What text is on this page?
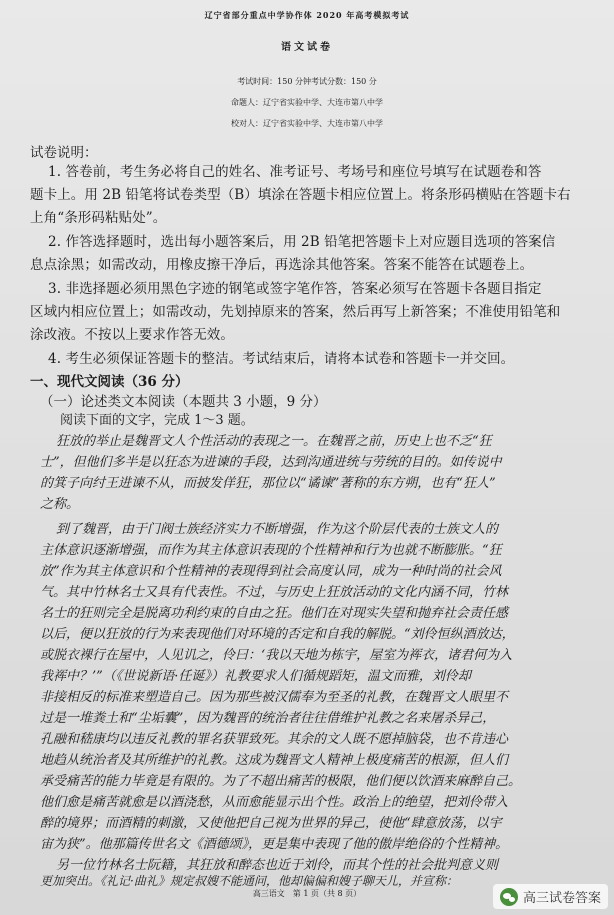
辽宁省部分重点中学协作体 2020 年高考模拟考试
语文试卷
考试时间：150 分钟考试分数：150 分
命题人：辽宁省实验中学、大连市第八中学
校对人：辽宁省实验中学、大连市第八中学
试卷说明：
1. 答卷前，考生务必将自己的姓名、准考证号、考场号和座位号填写在试题卷和答
题卡上。用 2B 铅笔将试卷类型（B）填涂在答题卡相应位置上。将条形码横贴在答题卡右
上角“条形码粘贴处”。
2. 作答选择题时，选出每小题答案后，用 2B 铅笔把答题卡上对应题目选项的答案信
息点涂黑；如需改动，用橡皮擦干净后，再选涂其他答案。答案不能答在试题卷上。
3. 非选择题必须用黑色字迹的钢笔或签字笔作答，答案必须写在答题卡各题目指定
区域内相应位置上；如需改动，先划掉原来的答案，然后再写上新答案；不准使用铅笔和
涂改液。不按以上要求作答无效。
4. 考生必须保证答题卡的整洁。考试结束后，请将本试卷和答题卡一并交回。
一、现代文阅读（36 分）
（一）论述类文本阅读（本题共 3 小题，9 分）
阅读下面的文字，完成 1～3 题。
狂放的举止是魏晋文人个性活动的表现之一。在魏晋之前，历史上也不乏“狂
士”，但他们多半是以狂态为进谏的手段，达到沟通进统与劳统的目的。如传说中
的箕子向纣王进谏不从，而披发佯狂，那位以“谲谏”著称的东方朔，也有“狂人”
之称。
到了魏晋，由于门阀士族经济实力不断增强，作为这个阶层代表的士族文人的
主体意识逐渐增强，而作为其主体意识表现的个性精神和行为也就不断膨胀。“狂
放”作为其主体意识和个性精神的表现得到社会高度认同，成为一种时尚的社会风
气。其中竹林名士又具有代表性。不过，与历史上狂放活动的文化内涵不同，竹林
名士的狂则完全是脱离功利约束的自由之狂。他们在对现实失望和抛弃社会责任感
以后，便以狂放的行为来表现他们对环境的否定和自我的解脱。“刘伶恒纵酒放达，
或脱衣裸行在屋中，人见讥之，伶曰：‘我以天地为栋宇，屋室为裈衣，诸君何为入
我裈中？’”（《世说新语·任诞》）礼教要求人们循规蹈矩，温文而雅，刘伶却
非接相反的标准来塑造自己。因为那些被汉儒奉为至圣的礼教，在魏晋文人眼里不
过是一堆粪土和“尘垢囊”，因为魏晋的统治者往往借维护礼教之名来屠杀异己，
孔融和嵇康均以违反礼教的罪名获罪致死。其余的文人既不愿掉脑袋，也不肯违心
地趋从统治者及其所维护的礼教。这成为魏晋文人精神上极度痛苦的根源，但人们
承受痛苦的能力毕竟是有限的。为了不超出痛苦的极限，他们便以饮酒来麻醉自己。
他们愈是痛苦就愈是以酒浇愁，从而愈能显示出个性。政治上的绝望，把刘伶带入
醉的境界；而酒精的刺激，又使他把自己视为世界的异己，使他“肆意放荡，以宇
宙为狭”。他那篇传世名文《酒德颂》，更是集中表现了他的傲岸绝俗的个性精神。
另一位竹林名士阮籍，其狂放和醉态也近于刘伶，而其个性的社会批判意义则
更加突出。《礼记·曲礼》规定叔嫂不能通问，他却偏偏和嫂子聊天儿，并宣称：
高三语文　第 1 页（共 8 页）	高三试卷答案
